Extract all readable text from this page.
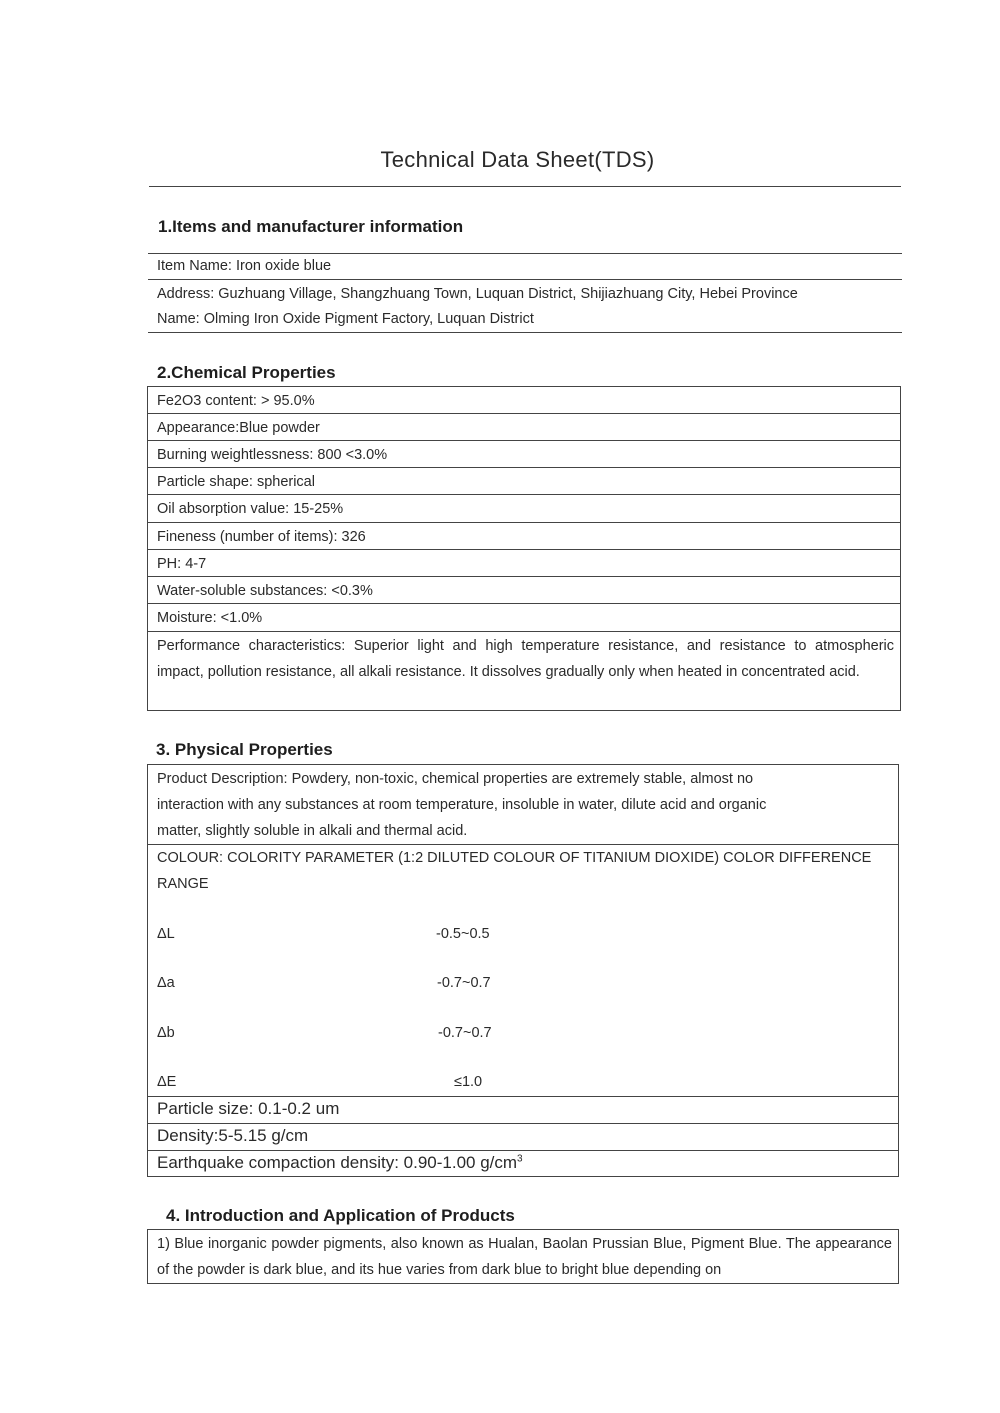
Technical Data Sheet(TDS)
1.Items and manufacturer information
Item Name: Iron oxide blue
Address: Guzhuang Village, Shangzhuang Town, Luquan District, Shijiazhuang City, Hebei Province
Name: Olming Iron Oxide Pigment Factory, Luquan District
2.Chemical Properties
Fe2O3 content: > 95.0%
Appearance:Blue powder
Burning weightlessness: 800 <3.0%
Particle shape: spherical
Oil absorption value: 15-25%
Fineness (number of items): 326
PH: 4-7
Water-soluble substances: <0.3%
Moisture: <1.0%
Performance characteristics: Superior light and high temperature resistance, and resistance to atmospheric impact, pollution resistance, all alkali resistance. It dissolves gradually only when heated in concentrated acid.
3. Physical Properties
Product Description: Powdery, non-toxic, chemical properties are extremely stable, almost no
interaction with any substances at room temperature, insoluble in water, dilute acid and organic
matter, slightly soluble in alkali and thermal acid.
COLOUR: COLORITY PARAMETER (1:2 DILUTED COLOUR OF TITANIUM DIOXIDE) COLOR DIFFERENCE
RANGE
ΔL	-0.5~0.5
Δa	-0.7~0.7
Δb	-0.7~0.7
ΔE	≤1.0
Particle size: 0.1-0.2 um
Density:5-5.15 g/cm
Earthquake compaction density: 0.90-1.00 $g/cm^3$
4. Introduction and Application of Products
1) Blue inorganic powder pigments, also known as Hualan, Baolan Prussian Blue, Pigment Blue. The appearance of the powder is dark blue, and its hue varies from dark blue to bright blue depending on
